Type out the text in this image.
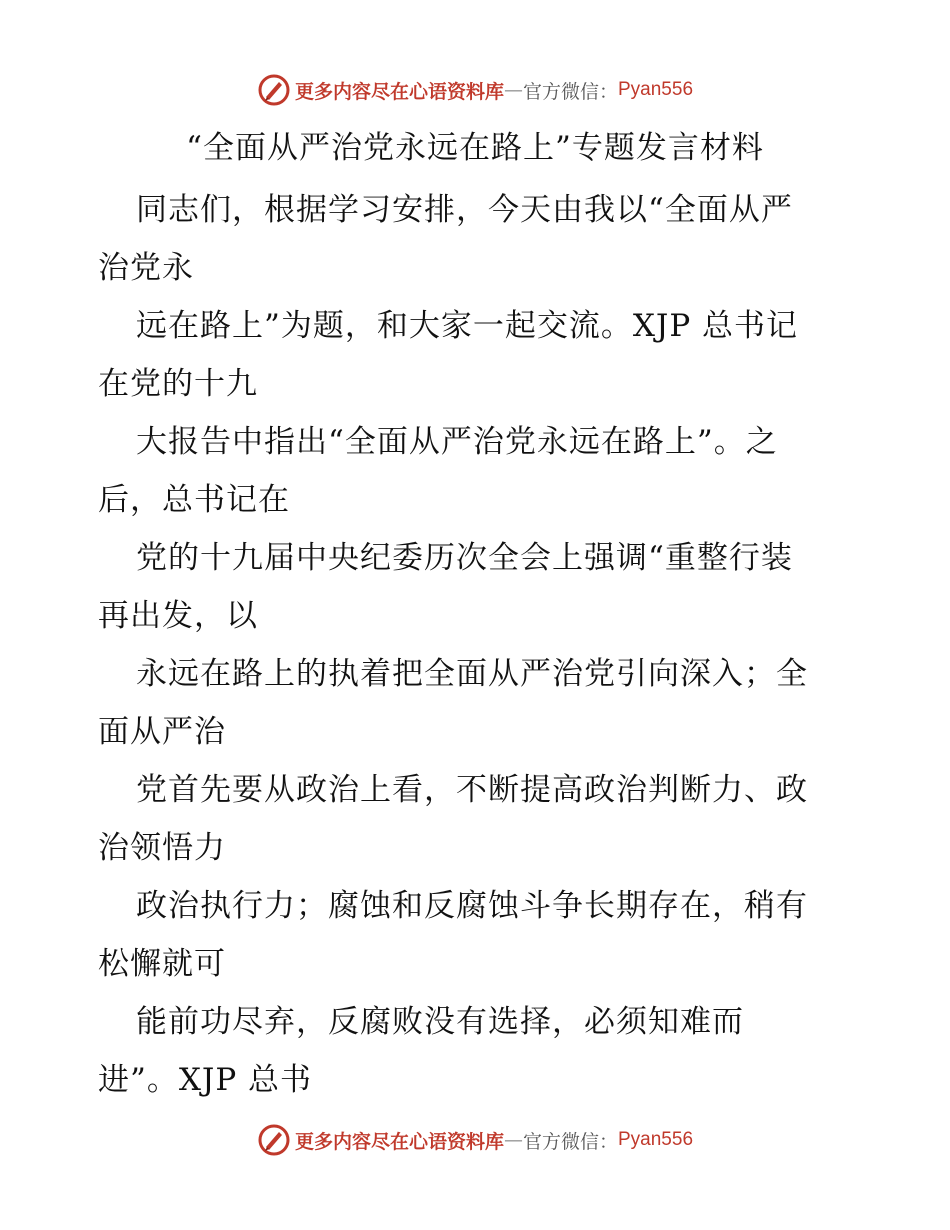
更多内容尽在心语资料库 — 官方微信： Pyan556
“全面从严治党永远在路上”专题发言材料
同志们，根据学习安排，今天由我以“全面从严
治党永
远在路上”为题，和大家一起交流。XJP 总书记
在党的十九
大报告中指出“全面从严治党永远在路上”。之
后，总书记在
党的十九届中央纪委历次全会上强调“重整行装
再出发，以
永远在路上的执着把全面从严治党引向深入；全
面从严治
党首先要从政治上看，不断提高政治判断力、政
治领悟力
政治执行力；腐蚀和反腐蚀斗争长期存在，稍有
松懈就可
能前功尽弃，反腐败没有选择，必须知难而
进”。XJP 总书
更多内容尽在心语资料库 — 官方微信： Pyan556
